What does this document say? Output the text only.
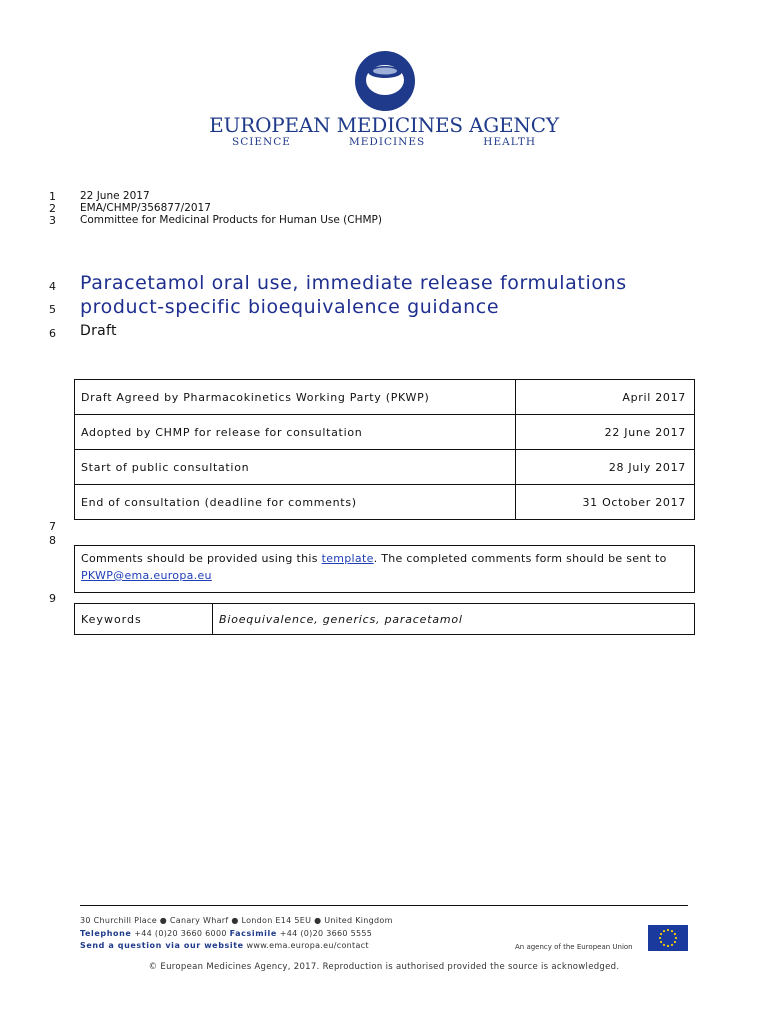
EUROPEAN MEDICINES AGENCY
SCIENCE MEDICINES HEALTH
1 22 June 2017
2 EMA/CHMP/356877/2017
3 Committee for Medicinal Products for Human Use (CHMP)
4 Paracetamol oral use, immediate release formulations
5 product-specific bioequivalence guidance
6 Draft
Draft Agreed by Pharmacokinetics Working Party (PKWP)	April 2017
Adopted by CHMP for release for consultation	22 June 2017
Start of public consultation	28 July 2017
End of consultation (deadline for comments)	31 October 2017
7
8
Comments should be provided using this template. The completed comments form should be sent to
PKWP@ema.europa.eu
9
Keywords	Bioequivalence, generics, paracetamol
30 Churchill Place ● Canary Wharf ● London E14 5EU ● United Kingdom
Telephone +44 (0)20 3660 6000 Facsimile +44 (0)20 3660 5555
Send a question via our website www.ema.europa.eu/contact	An agency of the European Union
© European Medicines Agency, 2017. Reproduction is authorised provided the source is acknowledged.
